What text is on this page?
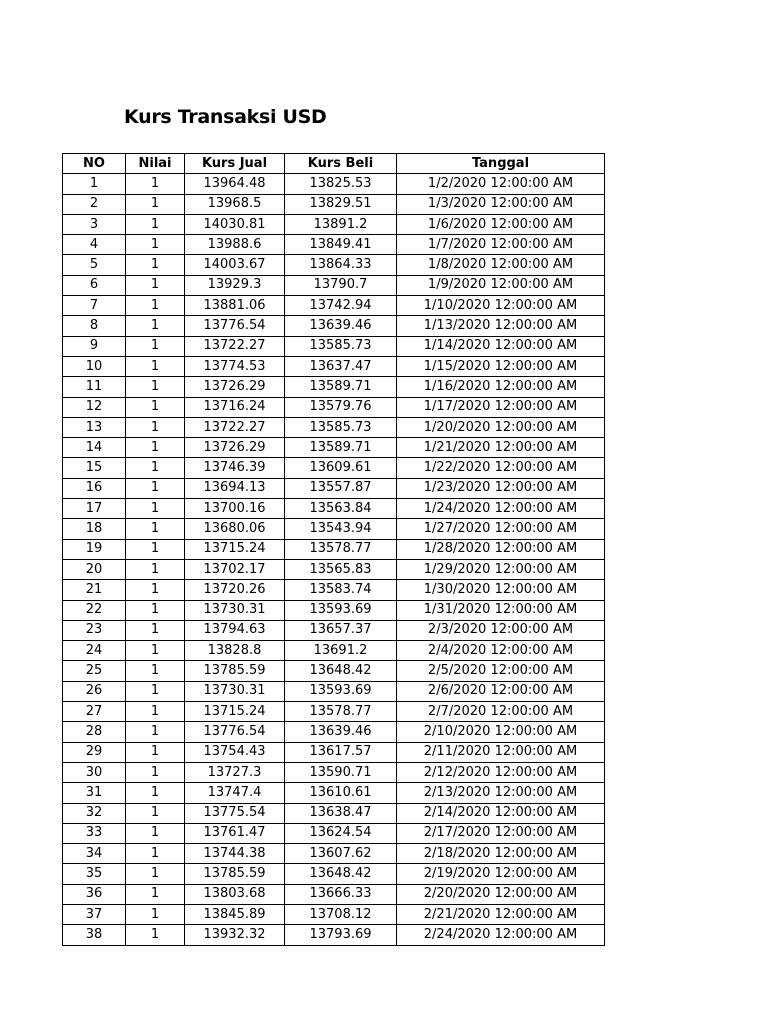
Kurs Transaksi USD
NO	Nilai	Kurs Jual	Kurs Beli	Tanggal
1	1	13964.48	13825.53	1/2/2020 12:00:00 AM
2	1	13968.5	13829.51	1/3/2020 12:00:00 AM
3	1	14030.81	13891.2	1/6/2020 12:00:00 AM
4	1	13988.6	13849.41	1/7/2020 12:00:00 AM
5	1	14003.67	13864.33	1/8/2020 12:00:00 AM
6	1	13929.3	13790.7	1/9/2020 12:00:00 AM
7	1	13881.06	13742.94	1/10/2020 12:00:00 AM
8	1	13776.54	13639.46	1/13/2020 12:00:00 AM
9	1	13722.27	13585.73	1/14/2020 12:00:00 AM
10	1	13774.53	13637.47	1/15/2020 12:00:00 AM
11	1	13726.29	13589.71	1/16/2020 12:00:00 AM
12	1	13716.24	13579.76	1/17/2020 12:00:00 AM
13	1	13722.27	13585.73	1/20/2020 12:00:00 AM
14	1	13726.29	13589.71	1/21/2020 12:00:00 AM
15	1	13746.39	13609.61	1/22/2020 12:00:00 AM
16	1	13694.13	13557.87	1/23/2020 12:00:00 AM
17	1	13700.16	13563.84	1/24/2020 12:00:00 AM
18	1	13680.06	13543.94	1/27/2020 12:00:00 AM
19	1	13715.24	13578.77	1/28/2020 12:00:00 AM
20	1	13702.17	13565.83	1/29/2020 12:00:00 AM
21	1	13720.26	13583.74	1/30/2020 12:00:00 AM
22	1	13730.31	13593.69	1/31/2020 12:00:00 AM
23	1	13794.63	13657.37	2/3/2020 12:00:00 AM
24	1	13828.8	13691.2	2/4/2020 12:00:00 AM
25	1	13785.59	13648.42	2/5/2020 12:00:00 AM
26	1	13730.31	13593.69	2/6/2020 12:00:00 AM
27	1	13715.24	13578.77	2/7/2020 12:00:00 AM
28	1	13776.54	13639.46	2/10/2020 12:00:00 AM
29	1	13754.43	13617.57	2/11/2020 12:00:00 AM
30	1	13727.3	13590.71	2/12/2020 12:00:00 AM
31	1	13747.4	13610.61	2/13/2020 12:00:00 AM
32	1	13775.54	13638.47	2/14/2020 12:00:00 AM
33	1	13761.47	13624.54	2/17/2020 12:00:00 AM
34	1	13744.38	13607.62	2/18/2020 12:00:00 AM
35	1	13785.59	13648.42	2/19/2020 12:00:00 AM
36	1	13803.68	13666.33	2/20/2020 12:00:00 AM
37	1	13845.89	13708.12	2/21/2020 12:00:00 AM
38	1	13932.32	13793.69	2/24/2020 12:00:00 AM
